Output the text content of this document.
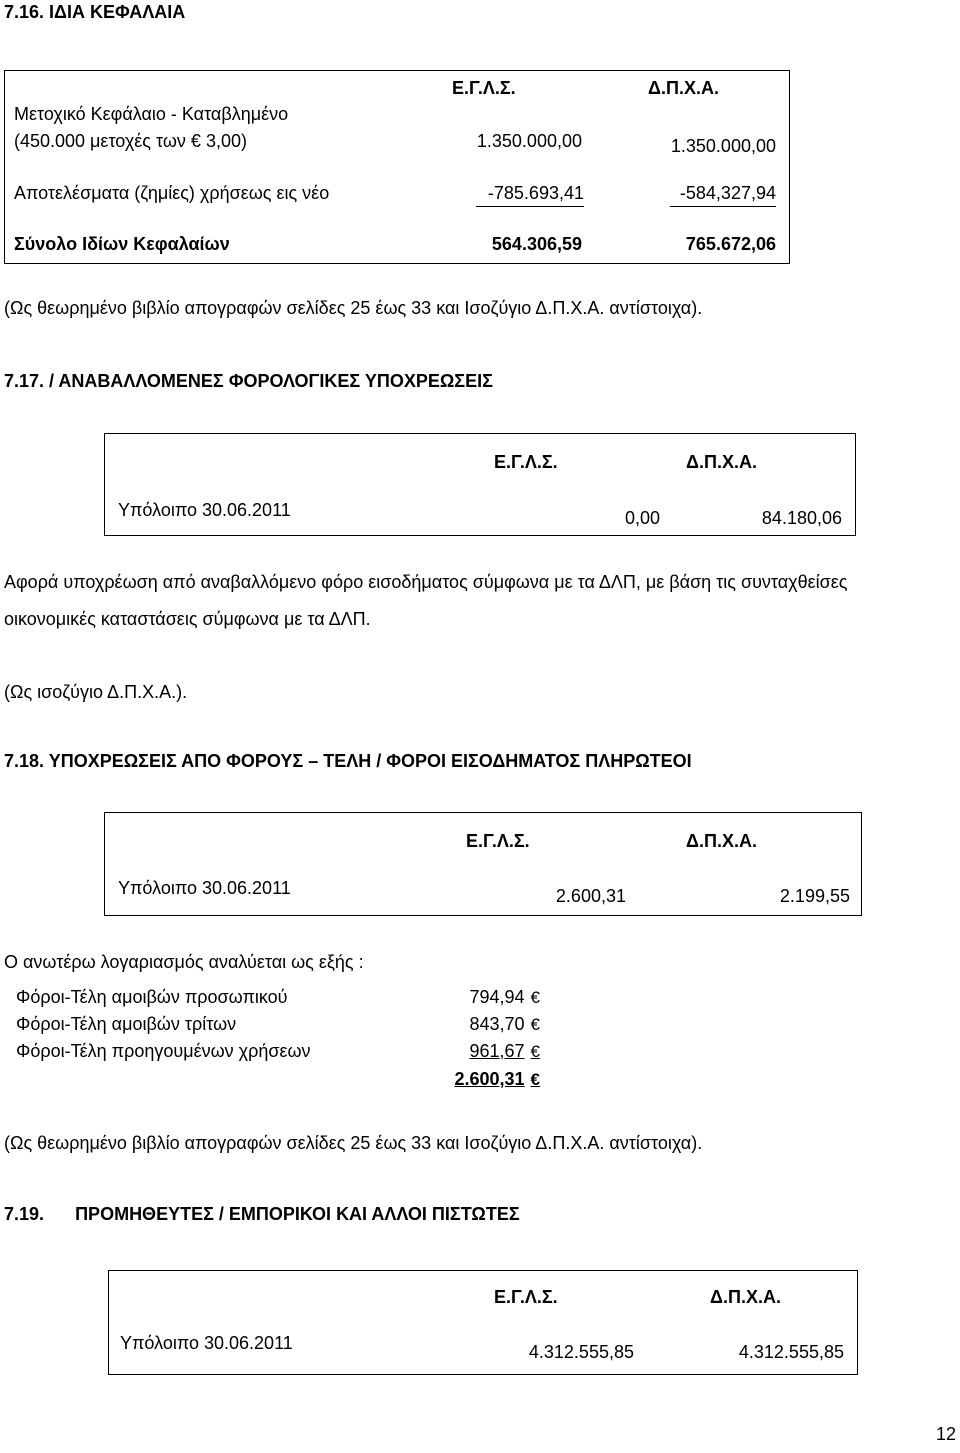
7.16. ΙΔΙΑ ΚΕΦΑΛΑΙΑ
Ε.Γ.Λ.Σ.	Δ.Π.Χ.Α.
Μετοχικό Κεφάλαιο - Καταβλημένο
(450.000 μετοχές των € 3,00)	1.350.000,00	1.350.000,00
Αποτελέσματα (ζημίες) χρήσεως εις νέο	-785.693,41	-584,327,94
Σύνολο Ιδίων Κεφαλαίων	564.306,59	765.672,06
(Ως θεωρημένο βιβλίο απογραφών σελίδες 25 έως 33 και Ισοζύγιο Δ.Π.Χ.Α. αντίστοιχα).
7.17. / ΑΝΑΒΑΛΛΟΜΕΝΕΣ ΦΟΡΟΛΟΓΙΚΕΣ ΥΠΟΧΡΕΩΣΕΙΣ
Ε.Γ.Λ.Σ.	Δ.Π.Χ.Α.
Υπόλοιπο 30.06.2011	0,00	84.180,06
Αφορά υποχρέωση από αναβαλλόμενο φόρο εισοδήματος σύμφωνα με τα ΔΛΠ, με βάση τις συνταχθείσες
οικονομικές καταστάσεις σύμφωνα με τα ΔΛΠ.
(Ως ισοζύγιο Δ.Π.Χ.Α.).
7.18. ΥΠΟΧΡΕΩΣΕΙΣ ΑΠΟ ΦΟΡΟΥΣ – ΤΕΛΗ / ΦΟΡΟΙ ΕΙΣΟΔΗΜΑΤΟΣ ΠΛΗΡΩΤΕΟΙ
Ε.Γ.Λ.Σ.	Δ.Π.Χ.Α.
Υπόλοιπο 30.06.2011	2.600,31	2.199,55
Ο ανωτέρω λογαριασμός αναλύεται ως εξής :
Φόροι-Τέλη αμοιβών προσωπικού	794,94 €
Φόροι-Τέλη αμοιβών τρίτων	843,70 €
Φόροι-Τέλη προηγουμένων χρήσεων	961,67 €
2.600,31 €
(Ως θεωρημένο βιβλίο απογραφών σελίδες 25 έως 33 και Ισοζύγιο Δ.Π.Χ.Α. αντίστοιχα).
7.19. ΠΡΟΜΗΘΕΥΤΕΣ / ΕΜΠΟΡΙΚΟΙ ΚΑΙ ΑΛΛΟΙ ΠΙΣΤΩΤΕΣ
Ε.Γ.Λ.Σ.	Δ.Π.Χ.Α.
Υπόλοιπο 30.06.2011	4.312.555,85	4.312.555,85
12
